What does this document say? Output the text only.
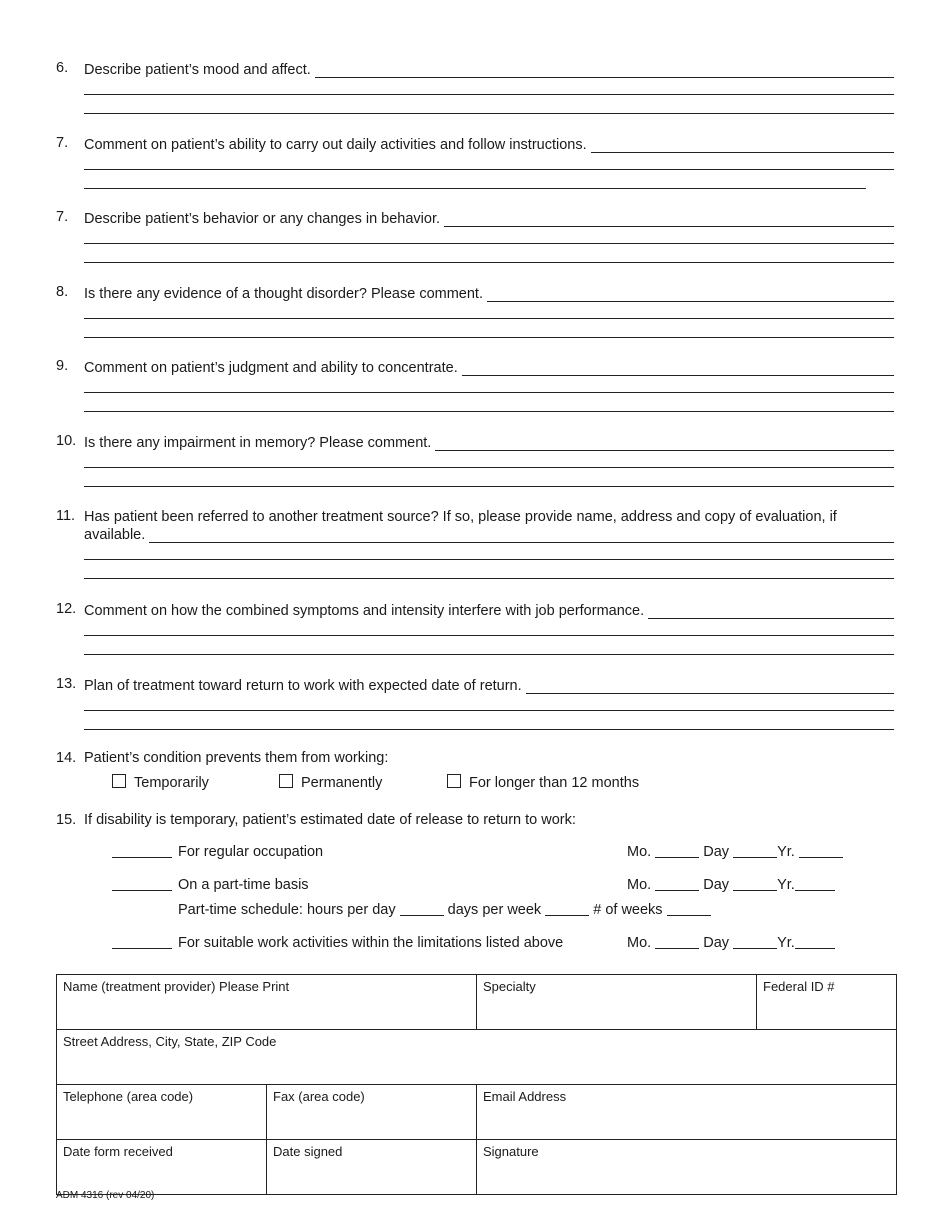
6. Describe patient’s mood and affect.
7. Comment on patient’s ability to carry out daily activities and follow instructions.
7. Describe patient’s behavior or any changes in behavior.
8. Is there any evidence of a thought disorder? Please comment.
9. Comment on patient’s judgment and ability to concentrate.
10. Is there any impairment in memory? Please comment.
11. Has patient been referred to another treatment source? If so, please provide name, address and copy of evaluation, if
available.
12. Comment on how the combined symptoms and intensity interfere with job performance.
13. Plan of treatment toward return to work with expected date of return.
14. Patient’s condition prevents them from working:
Temporarily	Permanently	For longer than 12 months
15. If disability is temporary, patient’s estimated date of release to return to work:
For regular occupation	Mo.	Day	Yr.
On a part-time basis	Mo.	Day	Yr.
Part-time schedule: hours per day	days per week	# of weeks
For suitable work activities within the limitations listed above	Mo.	Day	Yr.
Name (treatment provider) Please Print		Specialty	Federal ID #
Street Address, City, State, ZIP Code			
Telephone (area code)	Fax (area code)	Email Address	
Date form received	Date signed	Signature	
ADM 4316 (rev 04/20)
